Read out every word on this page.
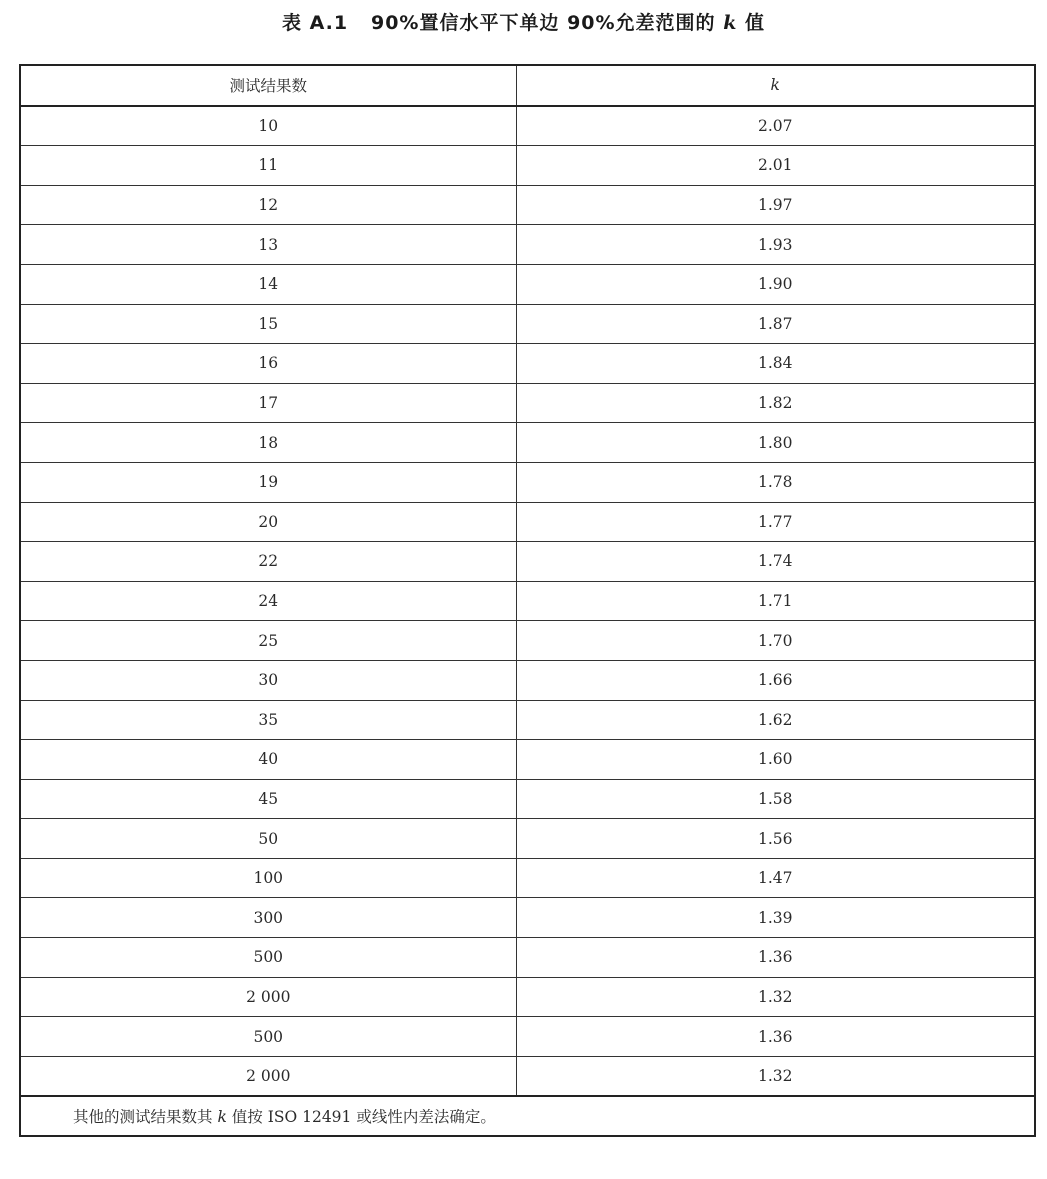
表 A.1 90%置信水平下单边 90%允差范围的 k 值
测试结果数	k
10	2.07
11	2.01
12	1.97
13	1.93
14	1.90
15	1.87
16	1.84
17	1.82
18	1.80
19	1.78
20	1.77
22	1.74
24	1.71
25	1.70
30	1.66
35	1.62
40	1.60
45	1.58
50	1.56
100	1.47
300	1.39
500	1.36
2 000	1.32
500	1.36
2 000	1.32
其他的测试结果数其 k 值按 ISO 12491 或线性内差法确定。	
